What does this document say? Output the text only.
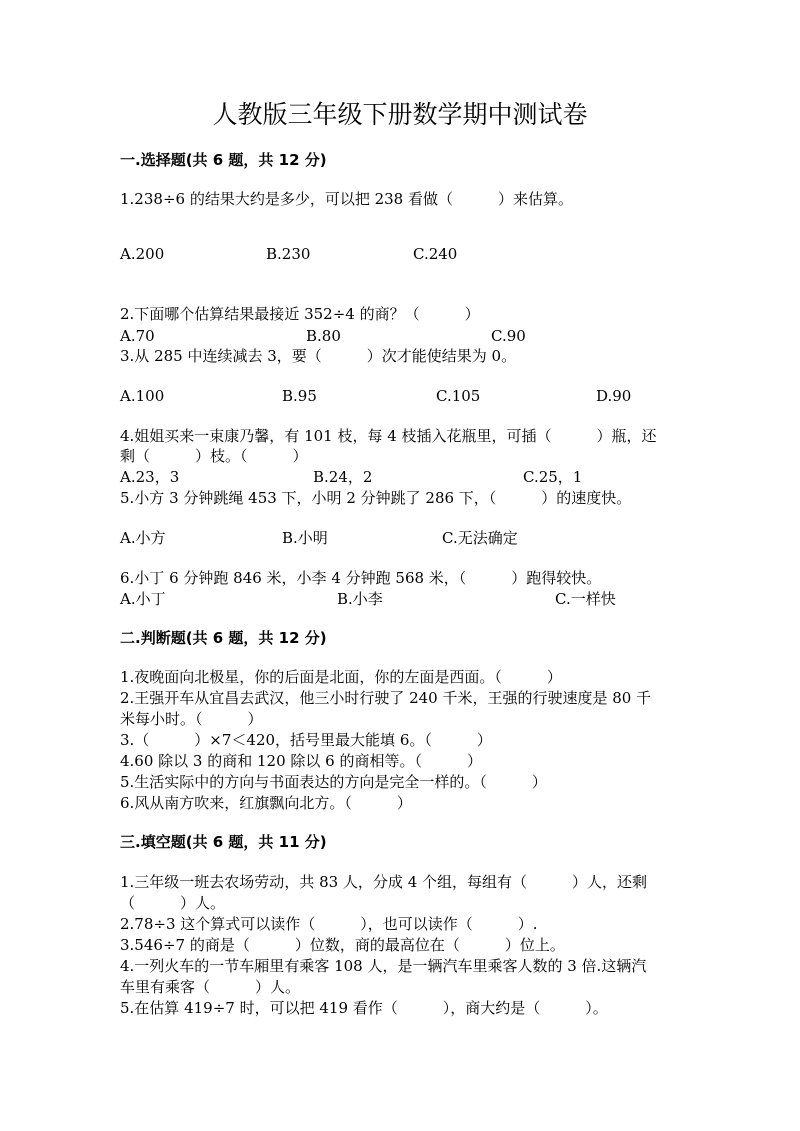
人教版三年级下册数学期中测试卷
一.选择题(共 6 题，共 12 分)
1.238÷6 的结果大约是多少，可以把 238 看做（　　　）来估算。
A.200	B.230	C.240
2.下面哪个估算结果最接近 352÷4 的商？（　　　）
A.70	B.80	C.90
3.从 285 中连续减去 3，要（　　　）次才能使结果为 0。
A.100	B.95	C.105	D.90
4.姐姐买来一束康乃馨，有 101 枝，每 4 枝插入花瓶里，可插（　　　）瓶，还
剩（　　　）枝。（　　　）
A.23，3	B.24，2	C.25，1
5.小方 3 分钟跳绳 453 下，小明 2 分钟跳了 286 下，（　　　）的速度快。
A.小方	B.小明	C.无法确定
6.小丁 6 分钟跑 846 米，小李 4 分钟跑 568 米，（　　　）跑得较快。
A.小丁	B.小李	C.一样快
二.判断题(共 6 题，共 12 分)
1.夜晚面向北极星，你的后面是北面，你的左面是西面。（　　　）
2.王强开车从宜昌去武汉，他三小时行驶了 240 千米，王强的行驶速度是 80 千
米每小时。（　　　）
3.（　　　）×7＜420，括号里最大能填 6。（　　　）
4.60 除以 3 的商和 120 除以 6 的商相等。（　　　）
5.生活实际中的方向与书面表达的方向是完全一样的。（　　　）
6.风从南方吹来，红旗飘向北方。（　　　）
三.填空题(共 6 题，共 11 分)
1.三年级一班去农场劳动，共 83 人，分成 4 个组，每组有（　　　）人，还剩
（　　　）人。
2.78÷3 这个算式可以读作（　　　），也可以读作（　　　）.
3.546÷7 的商是（　　　）位数，商的最高位在（　　　）位上。
4.一列火车的一节车厢里有乘客 108 人，是一辆汽车里乘客人数的 3 倍.这辆汽
车里有乘客（　　　）人。
5.在估算 419÷7 时，可以把 419 看作（　　　），商大约是（　　　）。
